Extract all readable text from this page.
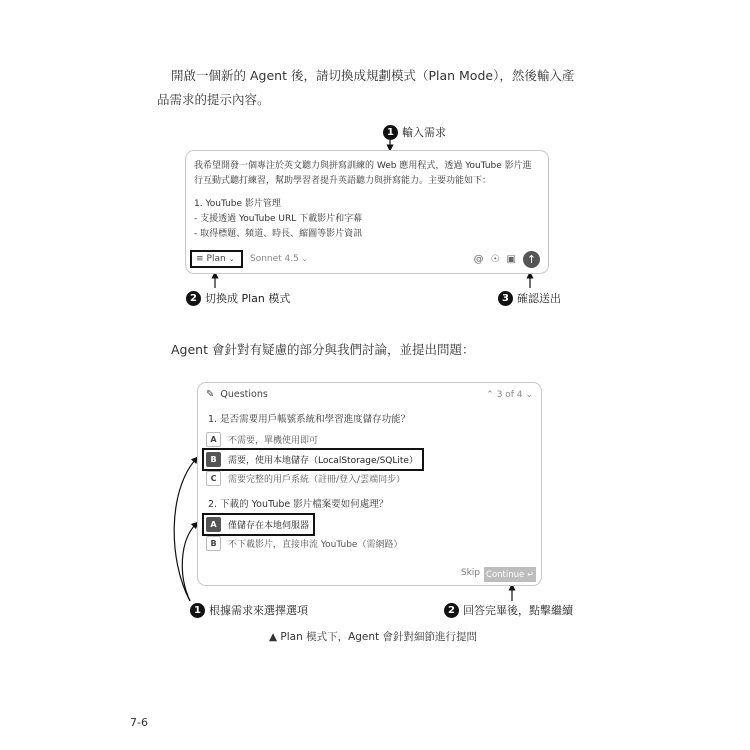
開啟一個新的 Agent 後，請切換成規劃模式（Plan Mode），然後輸入產
品需求的提示內容。
1 輸入需求
我希望開發一個專注於英文聽力與拼寫訓練的 Web 應用程式，透過 YouTube 影片進
行互動式聽打練習，幫助學習者提升英語聽力與拼寫能力。主要功能如下：
1. YouTube 影片管理
- 支援透過 YouTube URL 下載影片和字幕
- 取得標題、頻道、時長、縮圖等影片資訊
≡ Plan ⌄ Sonnet 4.5 ⌄	@ ☉ ▣ ↑
2 切換成 Plan 模式	3 確認送出
Agent 會針對有疑慮的部分與我們討論，並提出問題：
✎ Questions	⌃ 3 of 4 ⌄
1. 是否需要用戶帳號系統和學習進度儲存功能？
A	不需要，單機使用即可
B	需要，使用本地儲存（LocalStorage/SQLite）
C	需要完整的用戶系統（註冊/登入/雲端同步）
2. 下載的 YouTube 影片檔案要如何處理？
A	僅儲存在本地伺服器
B	不下載影片，直接串流 YouTube（需網路）
Skip Continue ↵
1 根據需求來選擇選項	2 回答完畢後，點擊繼續
▲ Plan 模式下，Agent 會針對細節進行提問
7-6
